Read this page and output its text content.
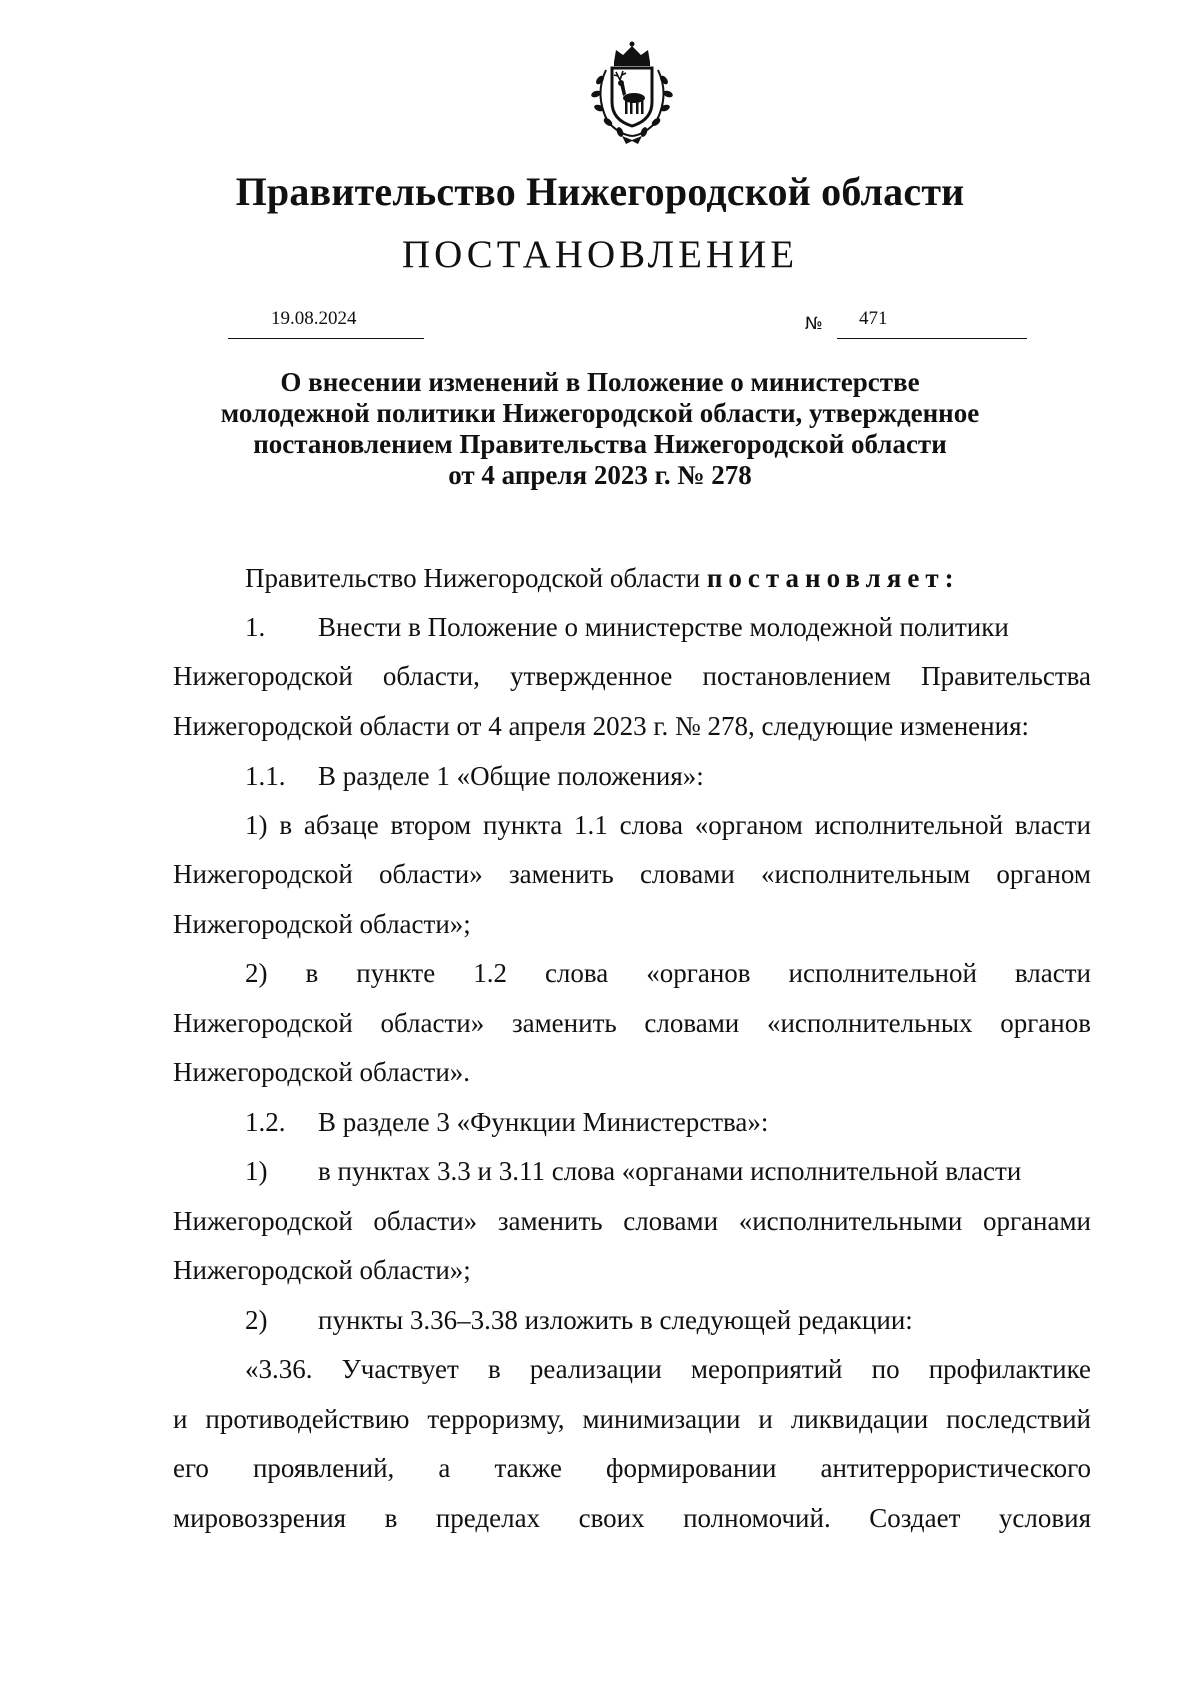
Правительство Нижегородской области
ПОСТАНОВЛЕНИЕ
19.08.2024	№ 471
О внесении изменений в Положение о министерстве
молодежной политики Нижегородской области, утвержденное
постановлением Правительства Нижегородской области
от 4 апреля 2023 г. № 278
Правительство Нижегородской области постановляет:
1. Внести в Положение о министерстве молодежной политики
Нижегородской области, утвержденное постановлением Правительства
Нижегородской области от 4 апреля 2023 г. № 278, следующие изменения:
1.1. В разделе 1 «Общие положения»:
1) в абзаце втором пункта 1.1 слова «органом исполнительной власти
Нижегородской области» заменить словами «исполнительным органом
Нижегородской области»;
2) в пункте 1.2 слова «органов исполнительной власти
Нижегородской области» заменить словами «исполнительных органов
Нижегородской области».
1.2. В разделе 3 «Функции Министерства»:
1) в пунктах 3.3 и 3.11 слова «органами исполнительной власти
Нижегородской области» заменить словами «исполнительными органами
Нижегородской области»;
2) пункты 3.36–3.38 изложить в следующей редакции:
«3.36. Участвует в реализации мероприятий по профилактике
и противодействию терроризму, минимизации и ликвидации последствий
его проявлений, а также формировании антитеррористического
мировоззрения в пределах своих полномочий. Создает условия
